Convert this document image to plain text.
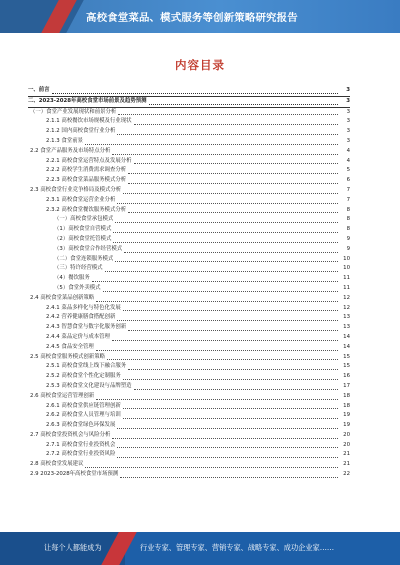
高校食堂菜品、模式服务等创新策略研究报告
内容目录
一、前言	3
二、2023-2028年高校食堂市场前景及趋势预测	3
（一）食堂产业发展现状和前景分析	3
2.1.1 高校餐饮市场规模及行业现状	3
2.1.2 国内高校食堂行业分析	3
2.1.3 食堂前景	3
2.2 食堂产品服务及市场特点分析	4
2.2.1 高校食堂运营特点及发展分析	4
2.2.2 高校学生消费需求调查分析	5
2.2.3 高校食堂菜品服务模式分析	6
2.3 高校食堂行业竞争格局及模式分析	7
2.3.1 高校食堂运营企业分析	7
2.3.2 高校食堂餐饮服务模式分析	8
（一）高校食堂承包模式	8
（1）高校食堂自营模式	8
（2）高校食堂托管模式	9
（3）高校食堂合作经营模式	9
（二）食堂连锁服务模式	10
（三）特许经营模式	10
（4）餐饮服务	11
（5）食堂外卖模式	11
2.4 高校食堂菜品创新策略	12
2.4.1 菜品多样化与特色化发展	12
2.4.2 营养健康膳食搭配创新	13
2.4.3 智慧食堂与数字化服务创新	13
2.4.4 菜品定价与成本管理	14
2.4.5 食品安全管理	14
2.5 高校食堂服务模式创新策略	15
2.5.1 高校食堂线上线下融合服务	15
2.5.2 高校食堂个性化定制服务	16
2.5.3 高校食堂文化建设与品牌塑造	17
2.6 高校食堂运营管理创新	18
2.6.1 高校食堂供应链管理创新	18
2.6.2 高校食堂人员管理与培训	19
2.6.3 高校食堂绿色环保发展	19
2.7 高校食堂投资机会与风险分析	20
2.7.1 高校食堂行业投资机会	20
2.7.2 高校食堂行业投资风险	21
2.8 高校食堂发展建议	21
2.9 2023-2028年高校食堂市场预测	22
让每个人都能成为	行业专家、管理专家、营销专家、战略专家、成功企业家……
